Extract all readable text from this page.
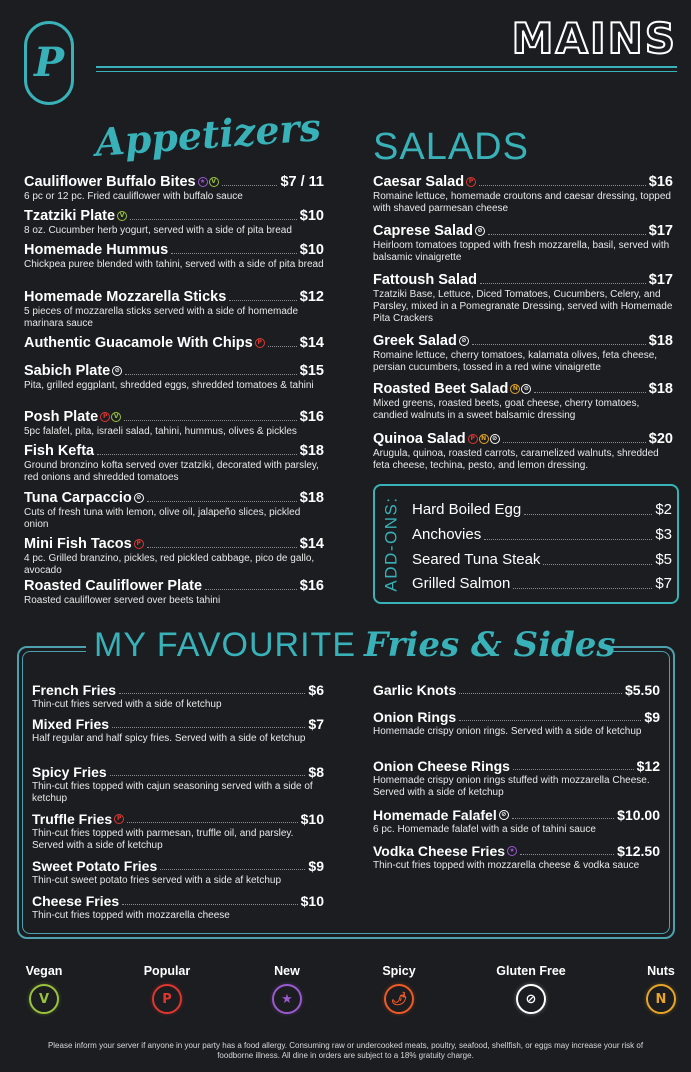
P	MAINS
Appetizers SALADS
Cauliflower Buffalo Bites ★ V	$7 / 11
6 pc or 12 pc. Fried cauliflower with buffalo sauce
Tzatziki Plate V	$10
8 oz. Cucumber herb yogurt, served with a side of pita bread
Homemade Hummus	$10
Chickpea puree blended with tahini, served with a side of pita bread
Homemade Mozzarella Sticks	$12
5 pieces of mozzarella sticks served with a side of homemade marinara sauce
Authentic Guacamole With Chips P	$14
Sabich Plate ⊘	$15
Pita, grilled eggplant, shredded eggs, shredded tomatoes & tahini
Posh Plate P	V	$16
5pc falafel, pita, israeli salad, tahini, hummus, olives & pickles
Fish Kefta	$18
Ground bronzino kofta served over tzatziki, decorated with parsley, red onions and shredded tomatoes
Tuna Carpaccio ⊘	$18
Cuts of fresh tuna with lemon, olive oil, jalapeño slices, pickled onion
Mini Fish Tacos P	$14
4 pc. Grilled branzino, pickles, red pickled cabbage, pico de gallo, avocado
Roasted Cauliflower Plate	$16
Roasted cauliflower served over beets tahini
Caesar Salad P	$16
Romaine lettuce, homemade croutons and caesar dressing, topped with shaved parmesan cheese
Caprese Salad ⊘	$17
Heirloom tomatoes topped with fresh mozzarella, basil, served with balsamic vinaigrette
Fattoush Salad	$17
Tzatziki Base, Lettuce, Diced Tomatoes, Cucumbers, Celery, and Parsley, mixed in a Pomegranate Dressing, served with Homemade Pita Crackers
Greek Salad ⊘	$18
Romaine lettuce, cherry tomatoes, kalamata olives, feta cheese, persian cucumbers, tossed in a red wine vinaigrette
Roasted Beet Salad N ⊘	$18
Mixed greens, roasted beets, goat cheese, cherry tomatoes, candied walnuts in a sweet balsamic dressing
Quinoa Salad P	N ⊘	$20
Arugula, quinoa, roasted carrots, caramelized walnuts, shredded feta cheese, techina, pesto, and lemon dressing.
ADD-ONS: Hard Boiled Egg	$2
Anchovies	$3
Seared Tuna Steak	$5
Grilled Salmon	$7
MY FAVOURITE Fries & Sides
French Fries	$6
Thin-cut fries served with a side of ketchup
Mixed Fries	$7
Half regular and half spicy fries. Served with a side of ketchup
Spicy Fries	$8
Thin-cut fries topped with cajun seasoning served with a side of ketchup
Truffle Fries P	$10
Thin-cut fries topped with parmesan, truffle oil, and parsley. Served with a side of ketchup
Sweet Potato Fries	$9
Thin-cut sweet potato fries served with a side af ketchup
Cheese Fries	$10
Thin-cut fries topped with mozzarella cheese
Garlic Knots	$5.50
Onion Rings	$9
Homemade crispy onion rings. Served with a side of ketchup
Onion Cheese Rings	$12
Homemade crispy onion rings stuffed with mozzarella Cheese. Served with a side of ketchup
Homemade Falafel ⊘	$10.00
6 pc. Homemade falafel with a side of tahini sauce
Vodka Cheese Fries ★	$12.50
Thin-cut fries topped with mozzarella cheese & vodka sauce
Vegan
V
Popular
P
New
★
Spicy
🌶
Gluten Free
⊘
Nuts
N
Please inform your server if anyone in your party has a food allergy. Consuming raw or undercooked meats, poultry, seafood, shellfish, or eggs may increase your risk of foodborne illness. All dine in orders are subject to a 18% gratuity charge.
